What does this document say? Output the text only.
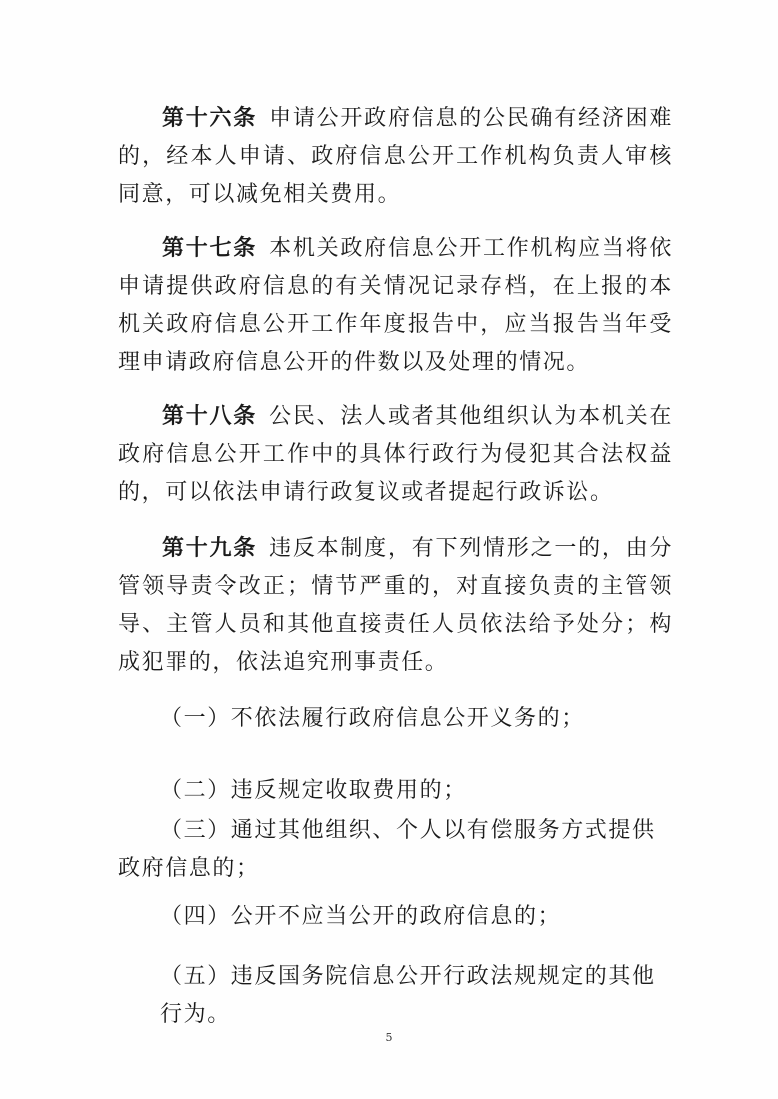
第十六条 申请公开政府信息的公民确有经济困难的，经本人申请、政府信息公开工作机构负责人审核同意，可以减免相关费用。

第十七条 本机关政府信息公开工作机构应当将依申请提供政府信息的有关情况记录存档，在上报的本机关政府信息公开工作年度报告中，应当报告当年受理申请政府信息公开的件数以及处理的情况。

第十八条 公民、法人或者其他组织认为本机关在政府信息公开工作中的具体行政行为侵犯其合法权益的，可以依法申请行政复议或者提起行政诉讼。

第十九条 违反本制度，有下列情形之一的，由分管领导责令改正；情节严重的，对直接负责的主管领导、主管人员和其他直接责任人员依法给予处分；构成犯罪的，依法追究刑事责任。

（一）不依法履行政府信息公开义务的；
（二）违反规定收取费用的；
（三）通过其他组织、个人以有偿服务方式提供政府信息的；
（四）公开不应当公开的政府信息的；
（五）违反国务院信息公开行政法规规定的其他行为。
5
